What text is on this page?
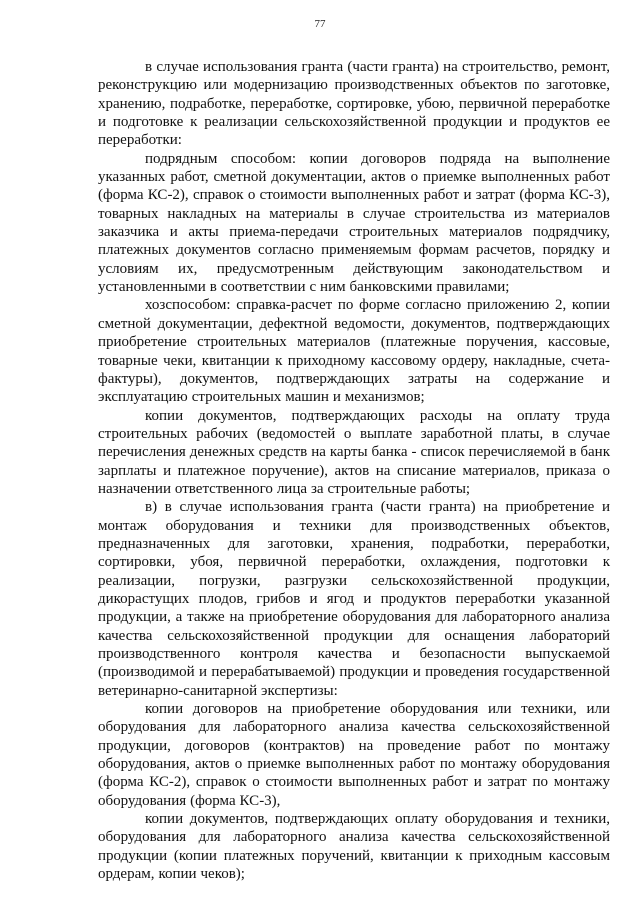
77

в случае использования гранта (части гранта) на строительство, ремонт, реконструкцию или модернизацию производственных объектов по заготовке, хранению, подработке, переработке, сортировке, убою, первичной переработке и подготовке к реализации сельскохозяйственной продукции и продуктов ее переработки:

подрядным способом: копии договоров подряда на выполнение указанных работ, сметной документации, актов о приемке выполненных работ (форма КС-2), справок о стоимости выполненных работ и затрат (форма КС-3), товарных накладных на материалы в случае строительства из материалов заказчика и акты приема-передачи строительных материалов подрядчику, платежных документов согласно применяемым формам расчетов, порядку и условиям их, предусмотренным действующим законодательством и установленными в соответствии с ним банковскими правилами;

хозспособом: справка-расчет по форме согласно приложению 2, копии сметной документации, дефектной ведомости, документов, подтверждающих приобретение строительных материалов (платежные поручения, кассовые, товарные чеки, квитанции к приходному кассовому ордеру, накладные, счета-фактуры), документов, подтверждающих затраты на содержание и эксплуатацию строительных машин и механизмов;

копии документов, подтверждающих расходы на оплату труда строительных рабочих (ведомостей о выплате заработной платы, в случае перечисления денежных средств на карты банка - список перечисляемой в банк зарплаты и платежное поручение), актов на списание материалов, приказа о назначении ответственного лица за строительные работы;

в) в случае использования гранта (части гранта) на приобретение и монтаж оборудования и техники для производственных объектов, предназначенных для заготовки, хранения, подработки, переработки, сортировки, убоя, первичной переработки, охлаждения, подготовки к реализации, погрузки, разгрузки сельскохозяйственной продукции, дикорастущих плодов, грибов и ягод и продуктов переработки указанной продукции, а также на приобретение оборудования для лабораторного анализа качества сельскохозяйственной продукции для оснащения лабораторий производственного контроля качества и безопасности выпускаемой (производимой и перерабатываемой) продукции и проведения государственной ветеринарно-санитарной экспертизы:

копии договоров на приобретение оборудования или техники, или оборудования для лабораторного анализа качества сельскохозяйственной продукции, договоров (контрактов) на проведение работ по монтажу оборудования, актов о приемке выполненных работ по монтажу оборудования (форма КС-2), справок о стоимости выполненных работ и затрат по монтажу оборудования (форма КС-3),

копии документов, подтверждающих оплату оборудования и техники, оборудования для лабораторного анализа качества сельскохозяйственной продукции (копии платежных поручений, квитанции к приходным кассовым ордерам, копии чеков);
